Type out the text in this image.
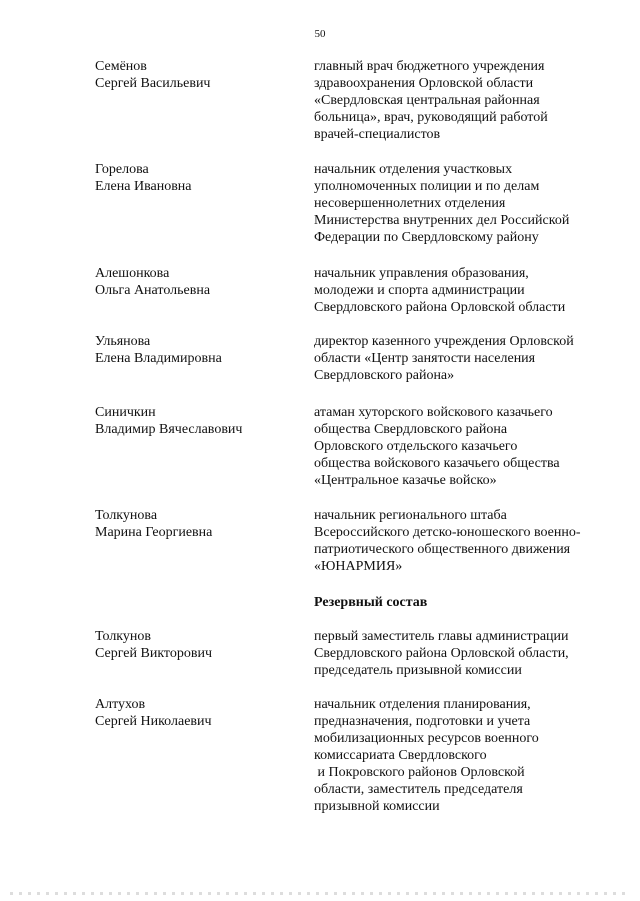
50
Семёнов
Сергей Васильевич
главный врач бюджетного учреждения
здравоохранения Орловской области
«Свердловская центральная районная
больница», врач, руководящий работой
врачей-специалистов
Горелова
Елена Ивановна
начальник отделения участковых
уполномоченных полиции и по делам
несовершеннолетних отделения
Министерства внутренних дел Российской
Федерации по Свердловскому району
Алешонкова
Ольга Анатольевна
начальник управления образования,
молодежи и спорта администрации
Свердловского района Орловской области
Ульянова
Елена Владимировна
директор казенного учреждения Орловской
области «Центр занятости населения
Свердловского района»
Синичкин
Владимир Вячеславович
атаман хуторского войскового казачьего
общества Свердловского района
Орловского отдельского казачьего
общества войскового казачьего общества
«Центральное казачье войско»
Толкунова
Марина Георгиевна
начальник регионального штаба
Всероссийского детско-юношеского военно-
патриотического общественного движения
«ЮНАРМИЯ»
Резервный состав
Толкунов
Сергей Викторович
первый заместитель главы администрации
Свердловского района Орловской области,
председатель призывной комиссии
Алтухов
Сергей Николаевич
начальник отделения планирования,
предназначения, подготовки и учета
мобилизационных ресурсов военного
комиссариата Свердловского
и Покровского районов Орловской
области, заместитель председателя
призывной комиссии
